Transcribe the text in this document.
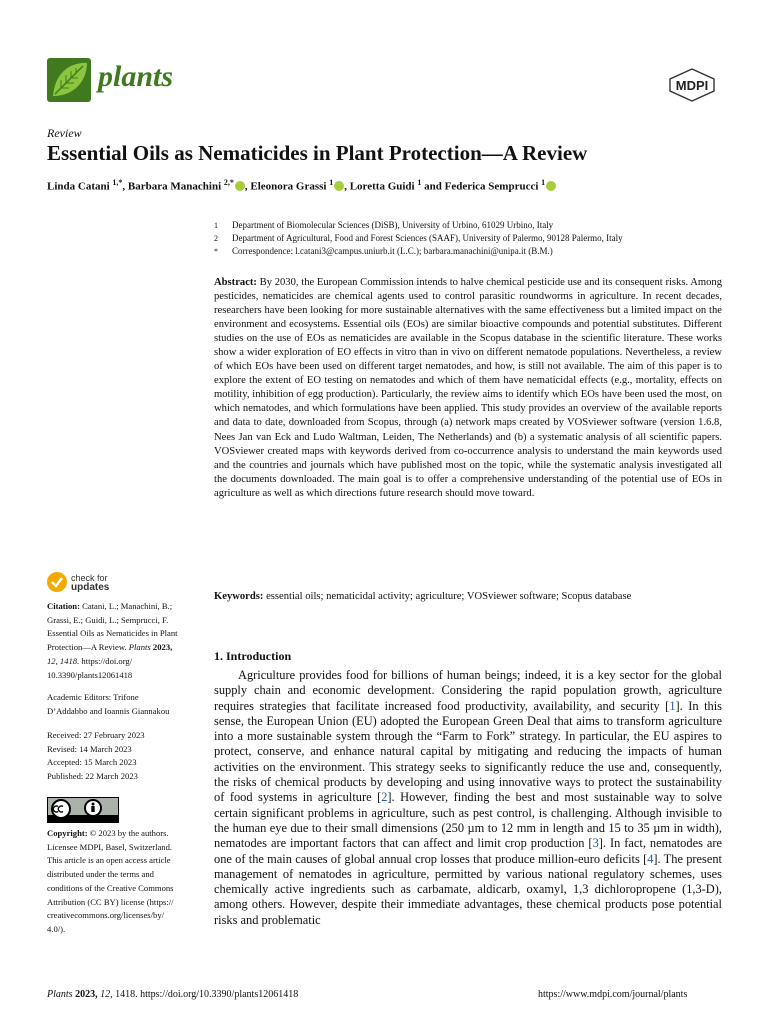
plants	MDPI
Review
Essential Oils as Nematicides in Plant Protection—A Review
Linda Catani $^{1,*}$, Barbara Manachini $^{2,*}$ , Eleonora Grassi $^1$ , Loretta Guidi $^1$ and Federica Semprucci $^1$
1	Department of Biomolecular Sciences (DiSB), University of Urbino, 61029 Urbino, Italy
2	Department of Agricultural, Food and Forest Sciences (SAAF), University of Palermo, 90128 Palermo, Italy
*	Correspondence: l.catani3@campus.uniurb.it (L.C.); barbara.manachini@unipa.it (B.M.)
Abstract: By 2030, the European Commission intends to halve chemical pesticide use and its consequent risks. Among pesticides, nematicides are chemical agents used to control parasitic roundworms in agriculture. In recent decades, researchers have been looking for more sustainable alternatives with the same effectiveness but a limited impact on the environment and ecosystems. Essential oils (EOs) are similar bioactive compounds and potential substitutes. Different studies on the use of EOs as nematicides are available in the Scopus database in the scientific literature. These works show a wider exploration of EO effects in vitro than in vivo on different nematode populations. Nevertheless, a review of which EOs have been used on different target nematodes, and how, is still not available. The aim of this paper is to explore the extent of EO testing on nematodes and which of them have nematicidal effects (e.g., mortality, effects on motility, inhibition of egg production). Particularly, the review aims to identify which EOs have been used the most, on which nematodes, and which formulations have been applied. This study provides an overview of the available reports and data to date, downloaded from Scopus, through (a) network maps created by VOSviewer software (version 1.6.8, Nees Jan van Eck and Ludo Waltman, Leiden, The Netherlands) and (b) a systematic analysis of all scientific papers. VOSviewer created maps with keywords derived from co-occurrence analysis to understand the main keywords used and the countries and journals which have published most on the topic, while the systematic analysis investigated all the documents downloaded. The main goal is to offer a comprehensive understanding of the potential use of EOs in agriculture as well as which directions future research should move toward.
Keywords: essential oils; nematicidal activity; agriculture; VOSviewer software; Scopus database
check for
updates
Citation: Catani, L.; Manachini, B.;
Grassi, E.; Guidi, L.; Semprucci, F.
Essential Oils as Nematicides in Plant
Protection—A Review. Plants 2023,
12, 1418. https://doi.org/
10.3390/plants12061418
Academic Editors: Trifone
D’Addabbo and Ioannis Giannakou
Received: 27 February 2023
Revised: 14 March 2023
Accepted: 15 March 2023
Published: 22 March 2023
Copyright: © 2023 by the authors.
Licensee MDPI, Basel, Switzerland.
This article is an open access article
distributed under the terms and
conditions of the Creative Commons
Attribution (CC BY) license (https://
creativecommons.org/licenses/by/
4.0/).
1. Introduction

Agriculture provides food for billions of human beings; indeed, it is a key sector for the global supply chain and economic development. Considering the rapid population growth, agriculture requires strategies that facilitate increased food productivity, availability, and security [1]. In this sense, the European Union (EU) adopted the European Green Deal that aims to transform agriculture into a more sustainable system through the “Farm to Fork” strategy. In particular, the EU aspires to protect, conserve, and enhance natural capital by mitigating and reducing the impacts of human activities on the environment. This strategy seeks to significantly reduce the use and, consequently, the risks of chemical products by developing and using innovative ways to protect the sustainability of food systems in agriculture [2]. However, finding the best and most sustainable way to solve certain significant problems in agriculture, such as pest control, is challenging. Although invisible to the human eye due to their small dimensions (250 µm to 12 mm in length and 15 to 35 µm in width), nematodes are important factors that can affect and limit crop production [3]. In fact, nematodes are one of the main causes of global annual crop losses that produce million-euro deficits [4]. The present management of nematodes in agriculture, permitted by various national regulatory schemes, uses chemically active ingredients such as carbamate, aldicarb, oxamyl, 1,3 dichloropropene (1,3-D), among others. However, despite their immediate advantages, these chemical products pose potential risks and problematic

Plants 2023, 12, 1418. https://doi.org/10.3390/plants12061418	https://www.mdpi.com/journal/plants
